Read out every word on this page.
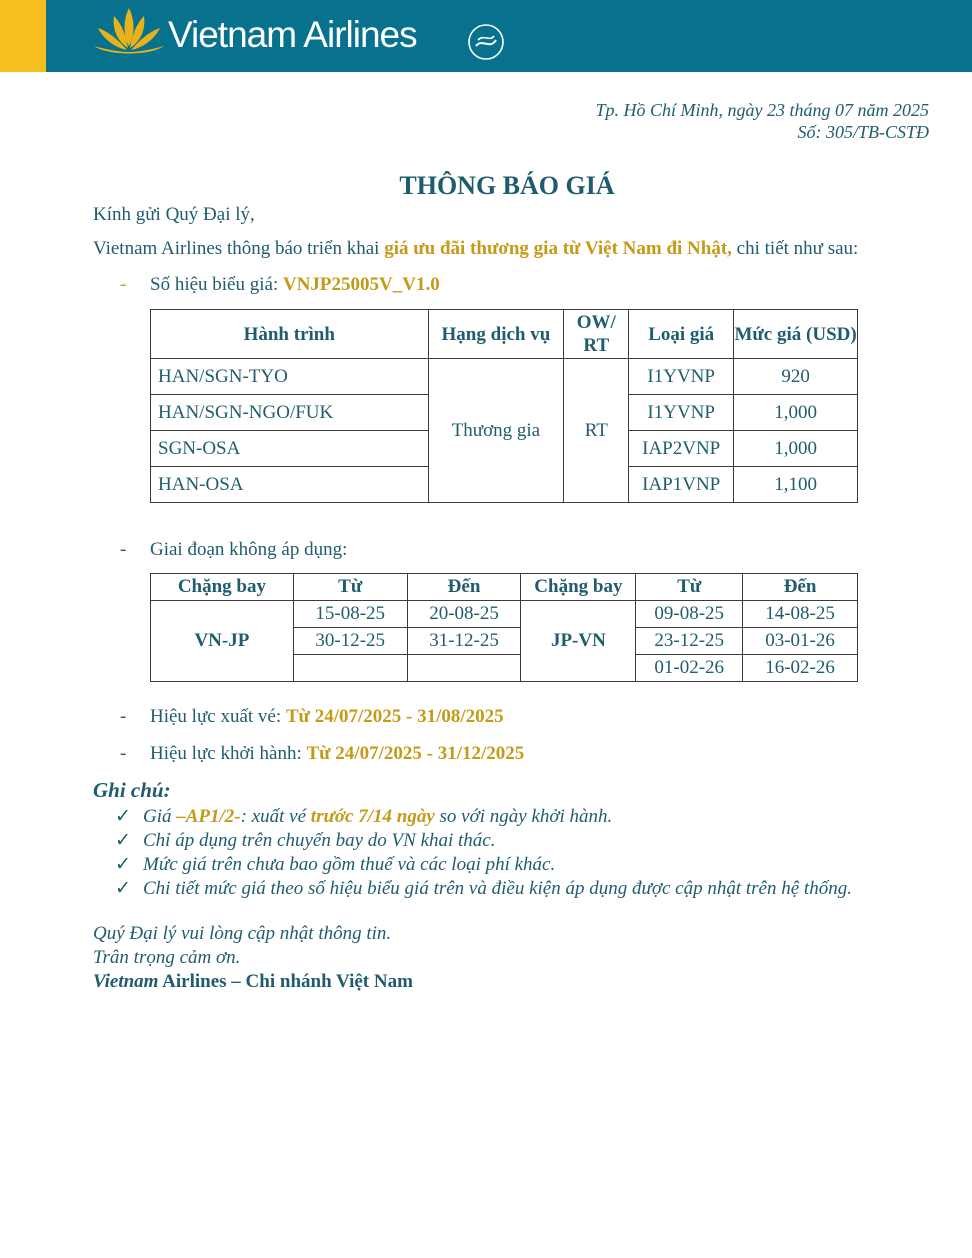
Vietnam Airlines
Tp. Hồ Chí Minh, ngày 23 tháng 07 năm 2025
Số: 305/TB-CSTĐ
THÔNG BÁO GIÁ
Kính gửi Quý Đại lý,
Vietnam Airlines thông báo triển khai giá ưu đãi thương gia từ Việt Nam đi Nhật, chi tiết như sau:
- Số hiệu biểu giá: VNJP25005V_V1.0
Hành trình	Hạng dịch vụ	OW/ RT	Loại giá	Mức giá (USD)
HAN/SGN-TYO	Thương gia	RT	I1YVNP	920
HAN/SGN-NGO/FUK			I1YVNP	1,000
SGN-OSA			IAP2VNP	1,000
HAN-OSA			IAP1VNP	1,100
- Giai đoạn không áp dụng:
Chặng bay	Từ	Đến	Chặng bay	Từ	Đến
VN-JP	15-08-25	20-08-25	JP-VN	09-08-25	14-08-25
	30-12-25	31-12-25		23-12-25	03-01-26
				01-02-26	16-02-26
- Hiệu lực xuất vé: Từ 24/07/2025 - 31/08/2025
- Hiệu lực khởi hành: Từ 24/07/2025 - 31/12/2025
Ghi chú:
✓ Giá –AP1/2-: xuất vé trước 7/14 ngày so với ngày khởi hành.
✓ Chỉ áp dụng trên chuyến bay do VN khai thác.
✓ Mức giá trên chưa bao gồm thuế và các loại phí khác.
✓ Chi tiết mức giá theo số hiệu biểu giá trên và điều kiện áp dụng được cập nhật trên hệ thống.
Quý Đại lý vui lòng cập nhật thông tin.
Trân trọng cảm ơn.
Vietnam Airlines – Chi nhánh Việt Nam
